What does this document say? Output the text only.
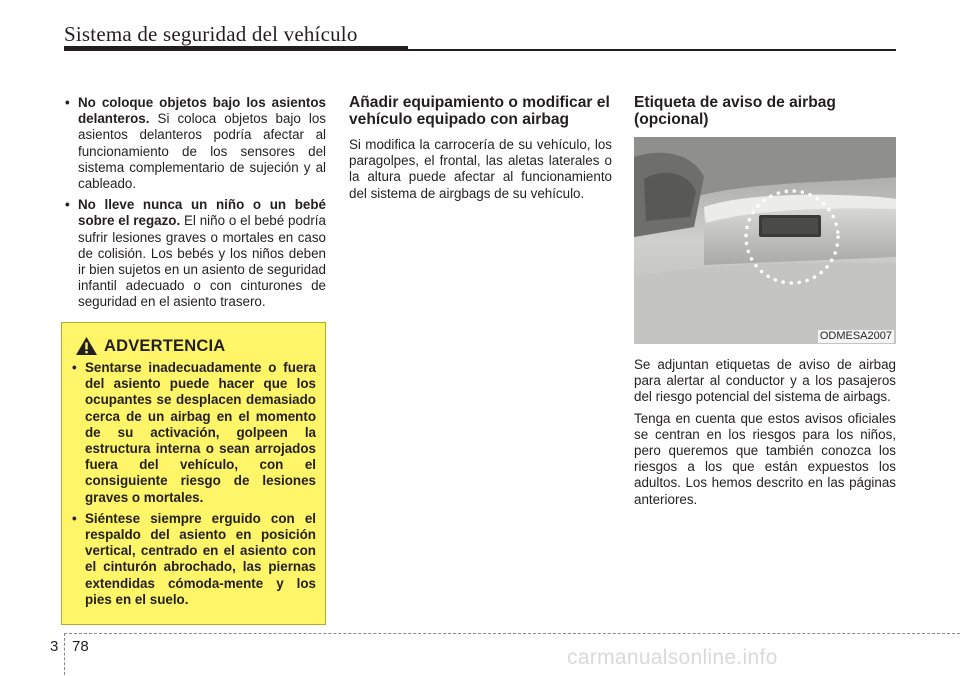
Sistema de seguridad del vehículo
• No coloque objetos bajo los asientos delanteros. Si coloca objetos bajo los asientos delanteros podría afectar al funcionamiento de los sensores del sistema complementario de sujeción y al cableado.
• No lleve nunca un niño o un bebé sobre el regazo. El niño o el bebé podría sufrir lesiones graves o mortales en caso de colisión. Los bebés y los niños deben ir bien sujetos en un asiento de seguridad infantil adecuado o con cinturones de seguridad en el asiento trasero.
ADVERTENCIA
• Sentarse inadecuadamente o fuera del asiento puede hacer que los ocupantes se desplacen demasiado cerca de un airbag en el momento de su activación, golpeen la estructura interna o sean arrojados fuera del vehículo, con el consiguiente riesgo de lesiones graves o mortales.
• Siéntese siempre erguido con el respaldo del asiento en posición vertical, centrado en el asiento con el cinturón abrochado, las piernas extendidas cómoda-mente y los pies en el suelo.
Añadir equipamiento o modificar el vehículo equipado con airbag

Si modifica la carrocería de su vehículo, los paragolpes, el frontal, las aletas laterales o la altura puede afectar al funcionamiento del sistema de airgbags de su vehículo.

Etiqueta de aviso de airbag (opcional)
ODMESA2007

Se adjuntan etiquetas de aviso de airbag para alertar al conductor y a los pasajeros del riesgo potencial del sistema de airbags.

Tenga en cuenta que estos avisos oficiales se centran en los riesgos para los niños, pero queremos que también conozca los riesgos a los que están expuestos los adultos. Los hemos descrito en las páginas anteriores.

3 78	carmanualsonline.info
